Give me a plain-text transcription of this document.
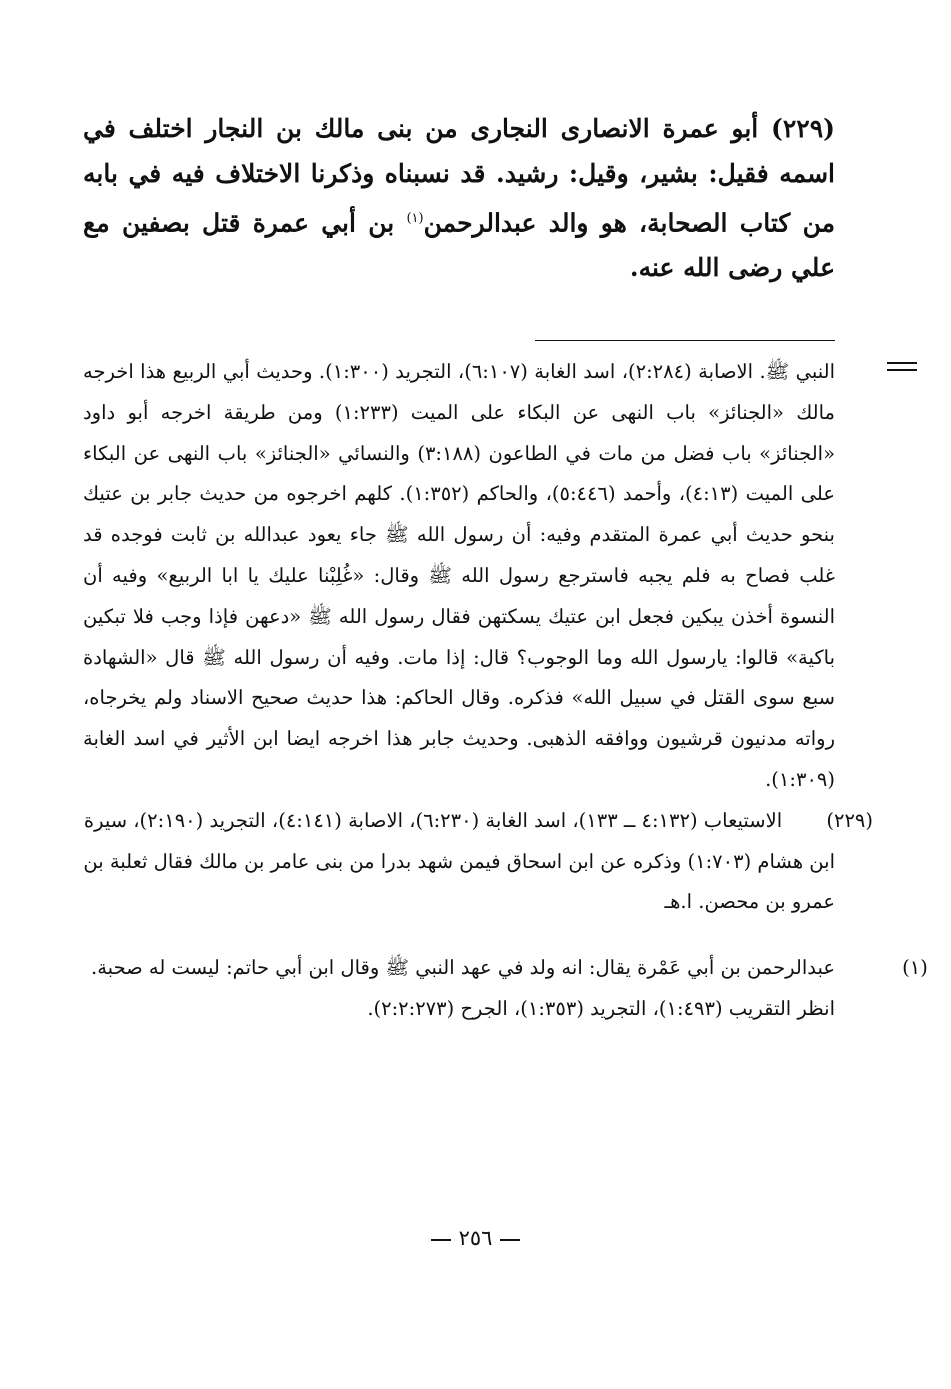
(٢٢٩) أبو عمرة الانصارى النجارى من بنى مالك بن النجار اختلف في اسمه فقيل: بشير، وقيل: رشيد. قد نسبناه وذكرنا الاختلاف فيه في بابه من كتاب الصحابة، هو والد عبدالرحمن$^{(١)}$ بن أبي عمرة قتل بصفين مع علي رضى الله عنه.

النبي ﷺ. الاصابة (٢:٢٨٤)، اسد الغابة (٦:١٠٧)، التجريد (١:٣٠٠). وحديث أبي الربيع هذا اخرجه مالك «الجنائز» باب النهى عن البكاء على الميت (١:٢٣٣) ومن طريقة اخرجه أبو داود «الجنائز» باب فضل من مات في الطاعون (٣:١٨٨) والنسائي «الجنائز» باب النهى عن البكاء على الميت (٤:١٣)، وأحمد (٥:٤٤٦)، والحاكم (١:٣٥٢). كلهم اخرجوه من حديث جابر بن عتيك بنحو حديث أبي عمرة المتقدم وفيه: أن رسول الله ﷺ جاء يعود عبدالله بن ثابت فوجده قد غلب فصاح به فلم يجبه فاسترجع رسول الله ﷺ وقال: «غُلِبْنا عليك يا ابا الربيع» وفيه أن النسوة أخذن يبكين فجعل ابن عتيك يسكتهن فقال رسول الله ﷺ «دعهن فإذا وجب فلا تبكين باكية» قالوا: يارسول الله وما الوجوب؟ قال: إذا مات. وفيه أن رسول الله ﷺ قال «الشهادة سبع سوى القتل في سبيل الله» فذكره. وقال الحاكم: هذا حديث صحيح الاسناد ولم يخرجاه، رواته مدنيون قرشيون ووافقه الذهبى. وحديث جابر هذا اخرجه ايضا ابن الأثير في اسد الغابة (١:٣٠٩).

(٢٢٩)

الاستيعاب (٤:١٣٢ ــ ١٣٣)، اسد الغابة (٦:٢٣٠)، الاصابة (٤:١٤١)، التجريد (٢:١٩٠)، سيرة ابن هشام (١:٧٠٣) وذكره عن ابن اسحاق فيمن شهد بدرا من بنى عامر بن مالك فقال ثعلبة بن عمرو بن محصن. ا.هـ

(١)

عبدالرحمن بن أبي عَمْرة يقال: انه ولد في عهد النبي ﷺ وقال ابن أبي حاتم: ليست له صحبة. انظر التقريب (١:٤٩٣)، التجريد (١:٣٥٣)، الجرح (٢:٢:٢٧٣).

٢٥٦
